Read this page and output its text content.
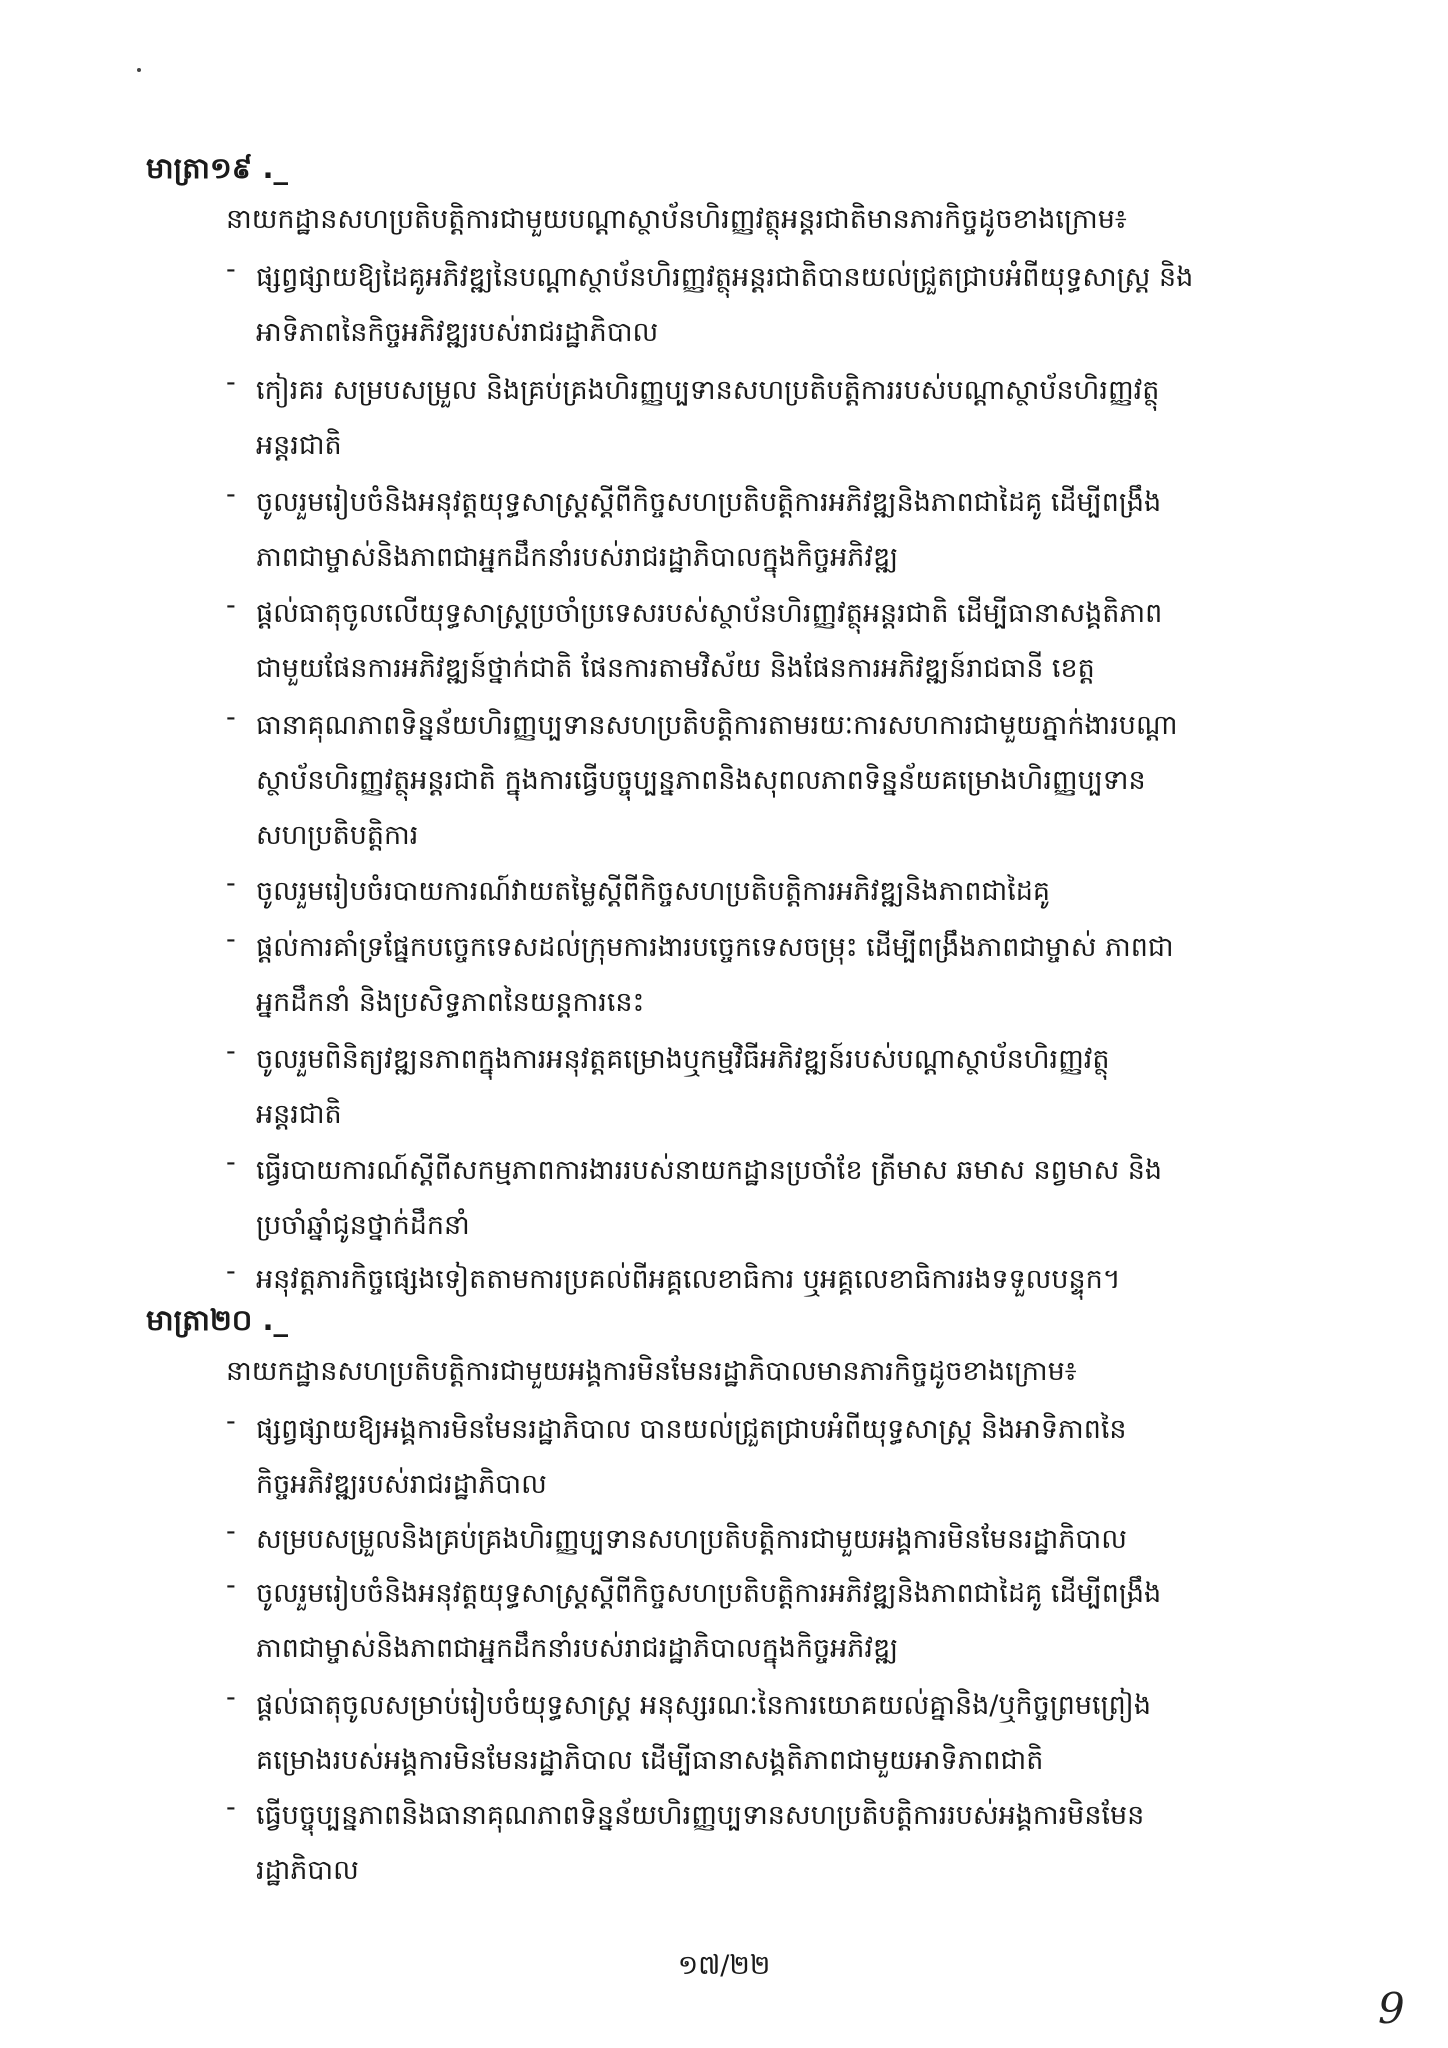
មាត្រា១៩ ._
នាយកដ្ឋានសហប្រតិបត្តិការជាមួយបណ្តាស្ថាប័នហិរញ្ញវត្ថុអន្តរជាតិមានភារកិច្ចដូចខាងក្រោម៖
- ផ្សព្វផ្សាយឱ្យដៃគូអភិវឌ្ឍនៃបណ្តាស្ថាប័នហិរញ្ញវត្ថុអន្តរជាតិបានយល់ជ្រួតជ្រាបអំពីយុទ្ធសាស្ត្រ និង
អាទិភាពនៃកិច្ចអភិវឌ្ឍរបស់រាជរដ្ឋាភិបាល
- កៀរគរ សម្របសម្រួល និងគ្រប់គ្រងហិរញ្ញប្បទានសហប្រតិបត្តិការរបស់បណ្តាស្ថាប័នហិរញ្ញវត្ថុ
អន្តរជាតិ
- ចូលរួមរៀបចំនិងអនុវត្តយុទ្ធសាស្ត្រស្តីពីកិច្ចសហប្រតិបត្តិការអភិវឌ្ឍនិងភាពជាដៃគូ ដើម្បីពង្រឹង
ភាពជាម្ចាស់និងភាពជាអ្នកដឹកនាំរបស់រាជរដ្ឋាភិបាលក្នុងកិច្ចអភិវឌ្ឍ
- ផ្តល់ធាតុចូលលើយុទ្ធសាស្ត្រប្រចាំប្រទេសរបស់ស្ថាប័នហិរញ្ញវត្ថុអន្តរជាតិ ដើម្បីធានាសង្គតិភាព
ជាមួយផែនការអភិវឌ្ឍន៍ថ្នាក់ជាតិ ផែនការតាមវិស័យ និងផែនការអភិវឌ្ឍន៍រាជធានី ខេត្ត
- ធានាគុណភាពទិន្នន័យហិរញ្ញប្បទានសហប្រតិបត្តិការតាមរយៈការសហការជាមួយភ្នាក់ងារបណ្តា
ស្ថាប័នហិរញ្ញវត្ថុអន្តរជាតិ ក្នុងការធ្វើបច្ចុប្បន្នភាពនិងសុពលភាពទិន្នន័យគម្រោងហិរញ្ញប្បទាន
សហប្រតិបត្តិការ
- ចូលរួមរៀបចំរបាយការណ៍វាយតម្លៃស្តីពីកិច្ចសហប្រតិបត្តិការអភិវឌ្ឍនិងភាពជាដៃគូ
- ផ្តល់ការគាំទ្រផ្នែកបច្ចេកទេសដល់ក្រុមការងារបច្ចេកទេសចម្រុះ ដើម្បីពង្រឹងភាពជាម្ចាស់ ភាពជា
អ្នកដឹកនាំ និងប្រសិទ្ធភាពនៃយន្តការនេះ
- ចូលរួមពិនិត្យវឌ្ឍនភាពក្នុងការអនុវត្តគម្រោងឬកម្មវិធីអភិវឌ្ឍន៍របស់បណ្តាស្ថាប័នហិរញ្ញវត្ថុ
អន្តរជាតិ
- ធ្វើរបាយការណ៍ស្តីពីសកម្មភាពការងាររបស់នាយកដ្ឋានប្រចាំខែ ត្រីមាស ឆមាស នព្វមាស និង
ប្រចាំឆ្នាំជូនថ្នាក់ដឹកនាំ
- អនុវត្តភារកិច្ចផ្សេងទៀតតាមការប្រគល់ពីអគ្គលេខាធិការ ឬអគ្គលេខាធិការរងទទួលបន្ទុក។
មាត្រា២០ ._
នាយកដ្ឋានសហប្រតិបត្តិការជាមួយអង្គការមិនមែនរដ្ឋាភិបាលមានភារកិច្ចដូចខាងក្រោម៖
- ផ្សព្វផ្សាយឱ្យអង្គការមិនមែនរដ្ឋាភិបាល បានយល់ជ្រួតជ្រាបអំពីយុទ្ធសាស្ត្រ និងអាទិភាពនៃ
កិច្ចអភិវឌ្ឍរបស់រាជរដ្ឋាភិបាល
- សម្របសម្រួលនិងគ្រប់គ្រងហិរញ្ញប្បទានសហប្រតិបត្តិការជាមួយអង្គការមិនមែនរដ្ឋាភិបាល
- ចូលរួមរៀបចំនិងអនុវត្តយុទ្ធសាស្ត្រស្តីពីកិច្ចសហប្រតិបត្តិការអភិវឌ្ឍនិងភាពជាដៃគូ ដើម្បីពង្រឹង
ភាពជាម្ចាស់និងភាពជាអ្នកដឹកនាំរបស់រាជរដ្ឋាភិបាលក្នុងកិច្ចអភិវឌ្ឍ
- ផ្តល់ធាតុចូលសម្រាប់រៀបចំយុទ្ធសាស្ត្រ អនុស្សរណៈនៃការយោគយល់គ្នានិង/ឬកិច្ចព្រមព្រៀង
គម្រោងរបស់អង្គការមិនមែនរដ្ឋាភិបាល ដើម្បីធានាសង្គតិភាពជាមួយអាទិភាពជាតិ
- ធ្វើបច្ចុប្បន្នភាពនិងធានាគុណភាពទិន្នន័យហិរញ្ញប្បទានសហប្រតិបត្តិការរបស់អង្គការមិនមែន
រដ្ឋាភិបាល
១៧/២២
9
